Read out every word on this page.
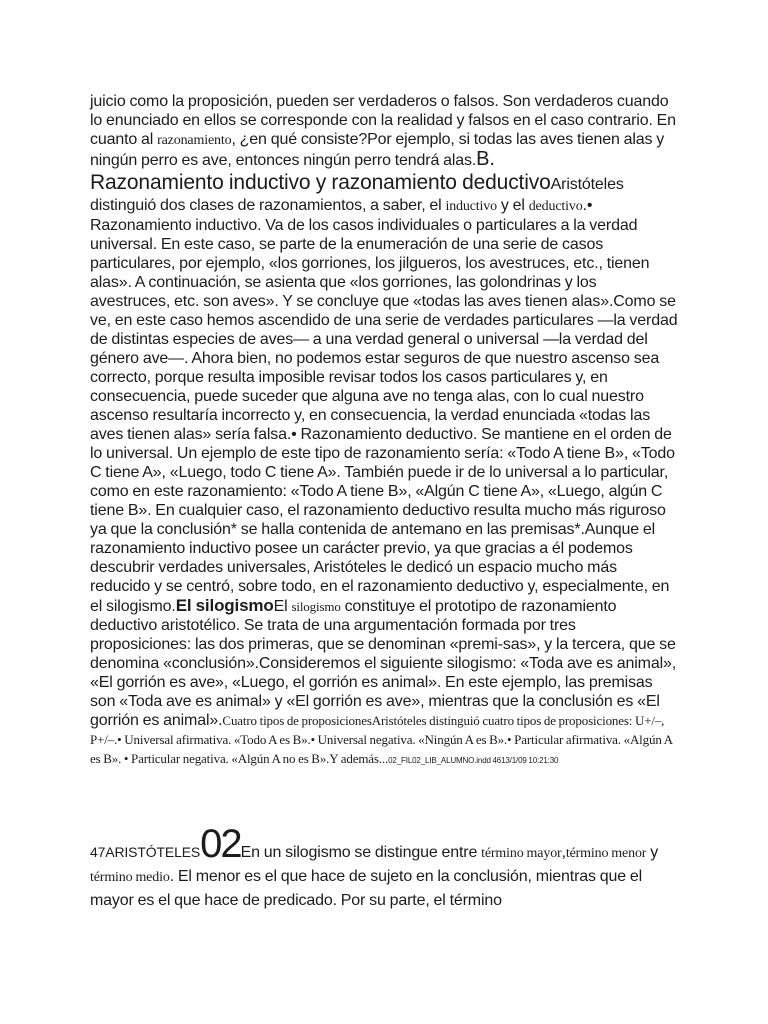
juicio como la proposición, pueden ser verdaderos o falsos. Son verdaderos cuando lo enunciado en ellos se corresponde con la realidad y falsos en el caso contrario. En cuanto al razonamiento, ¿en qué consiste?Por ejemplo, si todas las aves tienen alas y ningún perro es ave, entonces ningún perro tendrá alas.B.
Razonamiento inductivo y razonamiento deductivoAristóteles distinguió dos clases de razonamientos, a saber, el inductivo y el deductivo.• Razonamiento inductivo. Va de los casos individuales o particulares a la verdad universal. En este caso, se parte de la enumeración de una serie de casos particulares, por ejemplo, «los gorriones, los jilgueros, los avestruces, etc., tienen alas». A continuación, se asienta que «los gorriones, las golondrinas y los avestruces, etc. son aves». Y se concluye que «todas las aves tienen alas».Como se ve, en este caso hemos ascendido de una serie de verdades particulares —la verdad de distintas especies de aves— a una verdad general o universal —la verdad del género ave—. Ahora bien, no podemos estar seguros de que nuestro ascenso sea correcto, porque resulta imposible revisar todos los casos particulares y, en consecuencia, puede suceder que alguna ave no tenga alas, con lo cual nuestro ascenso resultaría incorrecto y, en consecuencia, la verdad enunciada «todas las aves tienen alas» sería falsa.• Razonamiento deductivo. Se mantiene en el orden de lo universal. Un ejemplo de este tipo de razonamiento sería: «Todo A tiene B», «Todo C tiene A», «Luego, todo C tiene A». También puede ir de lo universal a lo particular, como en este razonamiento: «Todo A tiene B», «Algún C tiene A», «Luego, algún C tiene B». En cualquier caso, el razonamiento deductivo resulta mucho más riguroso ya que la conclusión* se halla contenida de antemano en las premisas*.Aunque el razonamiento inductivo posee un carácter previo, ya que gracias a él podemos descubrir verdades universales, Aristóteles le dedicó un espacio mucho más reducido y se centró, sobre todo, en el razonamiento deductivo y, especialmente, en el silogismo.El silogismoEl silogismo constituye el prototipo de razonamiento deductivo aristotélico. Se trata de una argumentación formada por tres proposiciones: las dos primeras, que se denominan «premi-sas», y la tercera, que se denomina «conclusión».Consideremos el siguiente silogismo: «Toda ave es animal», «El gorrión es ave», «Luego, el gorrión es animal». En este ejemplo, las premisas son «Toda ave es animal» y «El gorrión es ave», mientras que la conclusión es «El gorrión es animal».Cuatro tipos de proposicionesAristóteles distinguió cuatro tipos de proposiciones: U+/–, P+/–.• Universal afirmativa. «Todo A es B».• Universal negativa. «Ningún A es B».• Particular afirmativa. «Algún A es B». • Particular negativa. «Algún A no es B».Y además...02_FIL02_LIB_ALUMNO.indd 4613/1/09 10:21:30
47ARISTÓTELES02En un silogismo se distingue entre término mayor,término menor y término medio. El menor es el que hace de sujeto en la conclusión, mientras que el mayor es el que hace de predicado. Por su parte, el término
